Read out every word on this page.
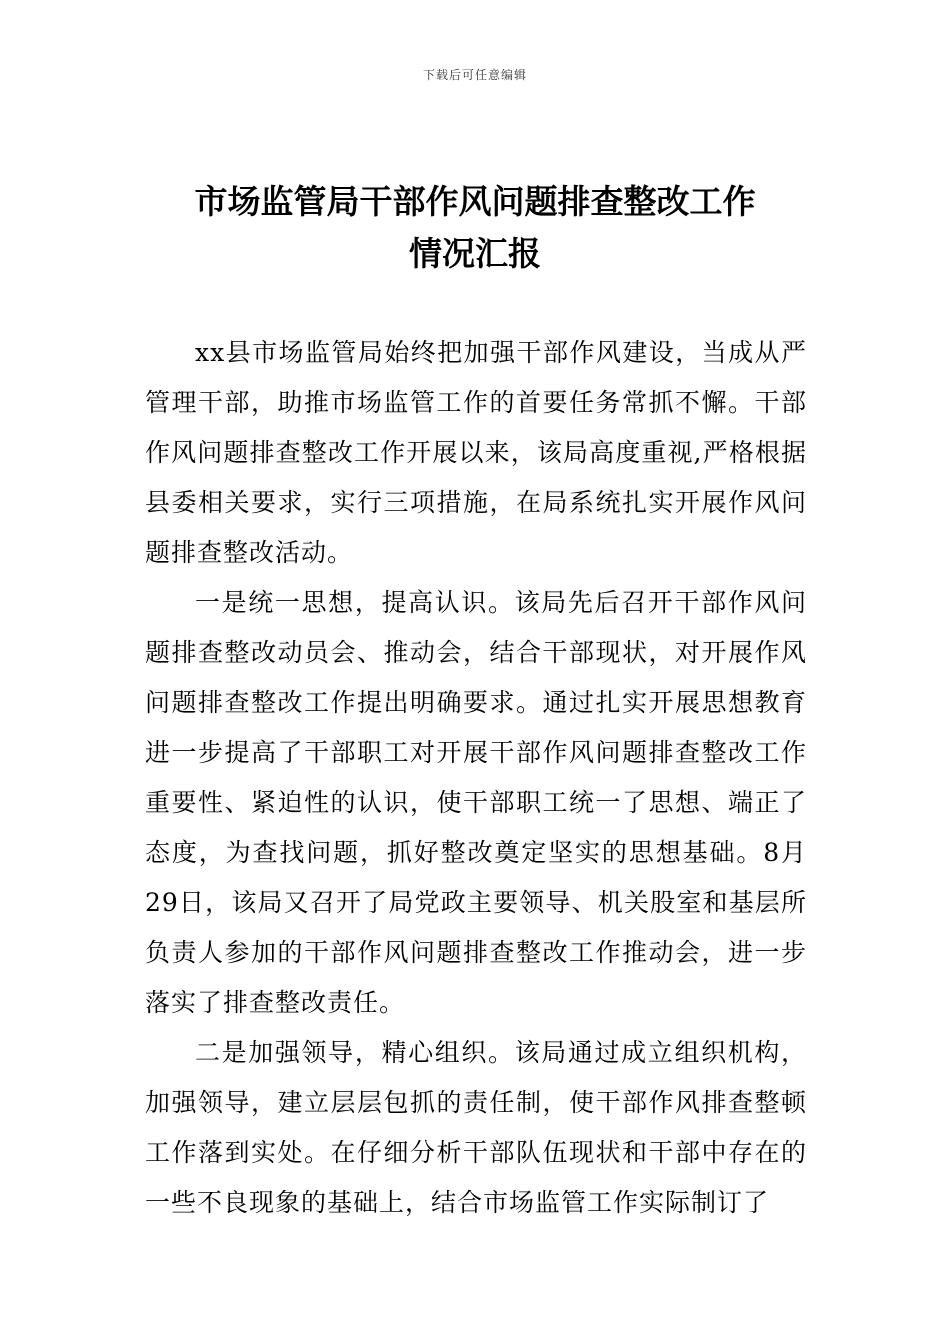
下载后可任意编辑
市场监管局干部作风问题排查整改工作
情况汇报

xx县市场监管局始终把加强干部作风建设，当成从严管理干部，助推市场监管工作的首要任务常抓不懈。干部作风问题排查整改工作开展以来，该局高度重视,严格根据县委相关要求，实行三项措施，在局系统扎实开展作风问题排查整改活动。

一是统一思想，提高认识。该局先后召开干部作风问题排查整改动员会、推动会，结合干部现状，对开展作风问题排查整改工作提出明确要求。通过扎实开展思想教育进一步提高了干部职工对开展干部作风问题排查整改工作重要性、紧迫性的认识，使干部职工统一了思想、端正了态度，为查找问题，抓好整改奠定坚实的思想基础。8月29日，该局又召开了局党政主要领导、机关股室和基层所负责人参加的干部作风问题排查整改工作推动会，进一步落实了排查整改责任。

二是加强领导，精心组织。该局通过成立组织机构，加强领导，建立层层包抓的责任制，使干部作风排查整顿工作落到实处。在仔细分析干部队伍现状和干部中存在的一些不良现象的基础上，结合市场监管工作实际制订了
